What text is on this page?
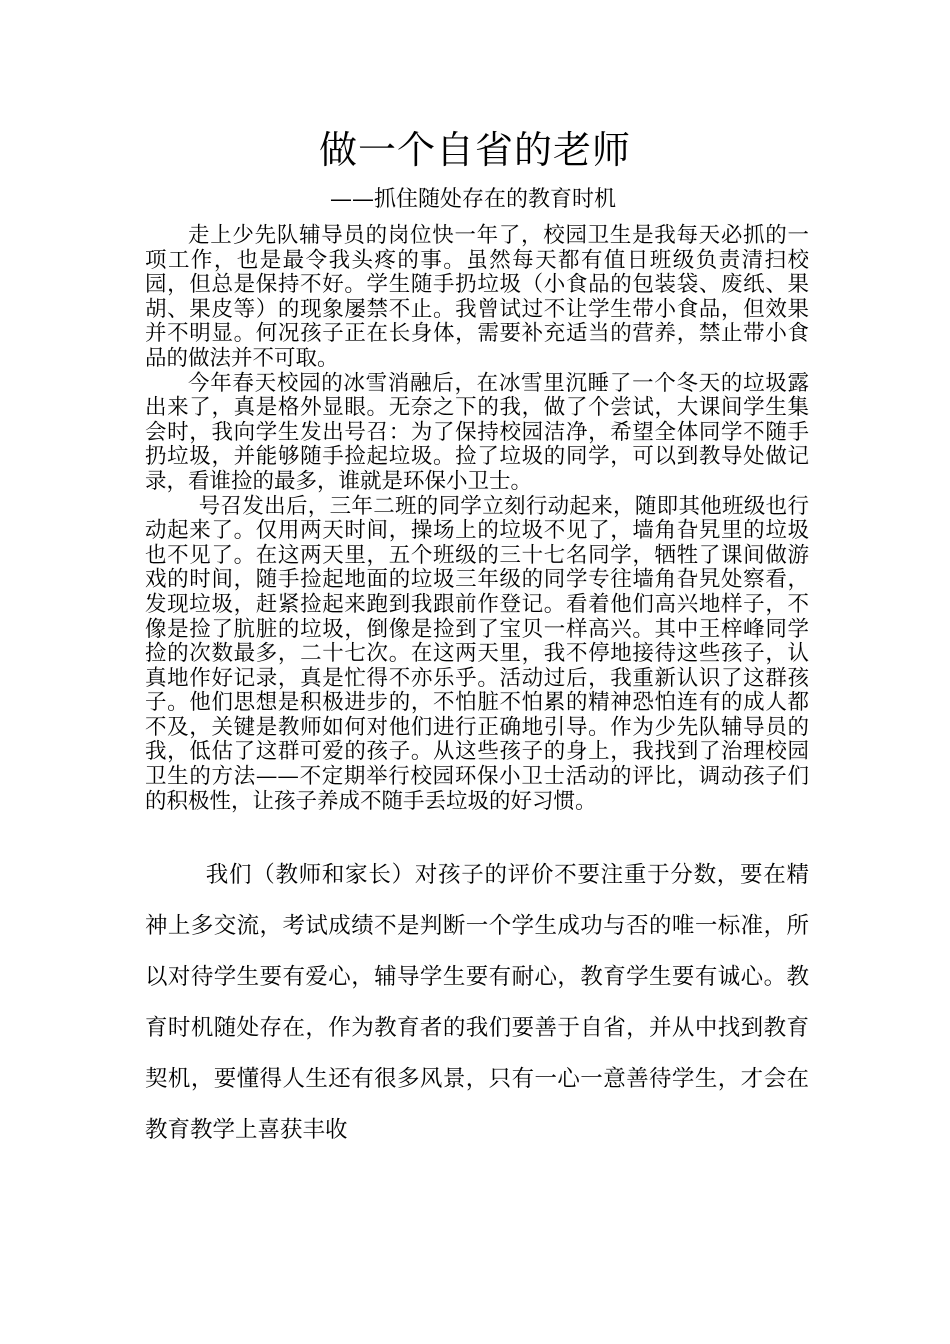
做一个自省的老师
——抓住随处存在的教育时机

走上少先队辅导员的岗位快一年了，校园卫生是我每天必抓的一项工作，也是最令我头疼的事。虽然每天都有值日班级负责清扫校园，但总是保持不好。学生随手扔垃圾（小食品的包装袋、废纸、果胡、果皮等）的现象屡禁不止。我曾试过不让学生带小食品，但效果并不明显。何况孩子正在长身体，需要补充适当的营养，禁止带小食品的做法并不可取。

今年春天校园的冰雪消融后，在冰雪里沉睡了一个冬天的垃圾露出来了，真是格外显眼。无奈之下的我，做了个尝试，大课间学生集会时，我向学生发出号召：为了保持校园洁净，希望全体同学不随手扔垃圾，并能够随手捡起垃圾。捡了垃圾的同学，可以到教导处做记录，看谁捡的最多，谁就是环保小卫士。

号召发出后，三年二班的同学立刻行动起来，随即其他班级也行动起来了。仅用两天时间，操场上的垃圾不见了，墙角旮旯里的垃圾也不见了。在这两天里，五个班级的三十七名同学，牺牲了课间做游戏的时间，随手捡起地面的垃圾三年级的同学专往墙角旮旯处察看，发现垃圾，赶紧捡起来跑到我跟前作登记。看着他们高兴地样子，不像是捡了肮脏的垃圾，倒像是捡到了宝贝一样高兴。其中王梓峰同学捡的次数最多，二十七次。在这两天里，我不停地接待这些孩子，认真地作好记录，真是忙得不亦乐乎。活动过后，我重新认识了这群孩子。他们思想是积极进步的，不怕脏不怕累的精神恐怕连有的成人都不及，关键是教师如何对他们进行正确地引导。作为少先队辅导员的我，低估了这群可爱的孩子。从这些孩子的身上，我找到了治理校园卫生的方法——不定期举行校园环保小卫士活动的评比，调动孩子们的积极性，让孩子养成不随手丢垃圾的好习惯。

我们（教师和家长）对孩子的评价不要注重于分数，要在精神上多交流，考试成绩不是判断一个学生成功与否的唯一标准，所以对待学生要有爱心，辅导学生要有耐心，教育学生要有诚心。教育时机随处存在，作为教育者的我们要善于自省，并从中找到教育契机，要懂得人生还有很多风景，只有一心一意善待学生，才会在教育教学上喜获丰收
